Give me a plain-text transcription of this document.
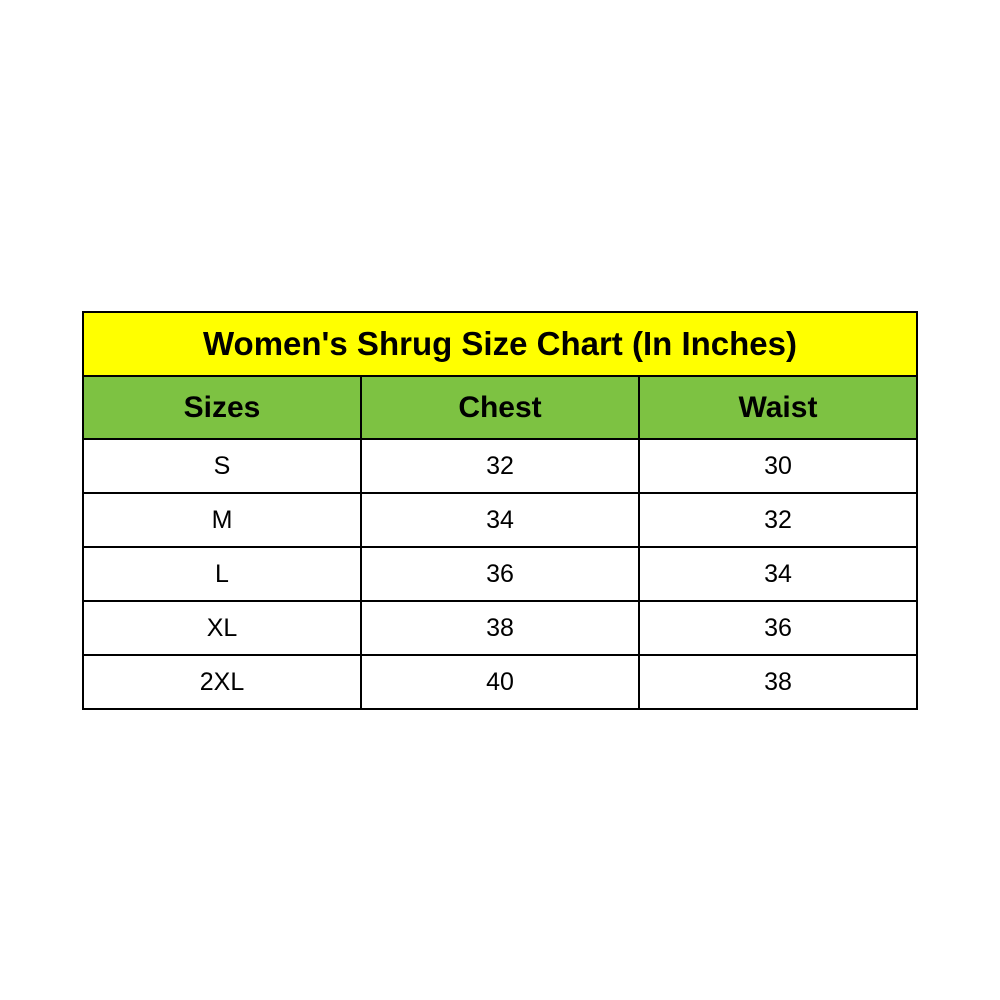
Women's Shrug Size Chart (In Inches)		
Sizes	Chest	Waist
S	32	30
M	34	32
L	36	34
XL	38	36
2XL	40	38
